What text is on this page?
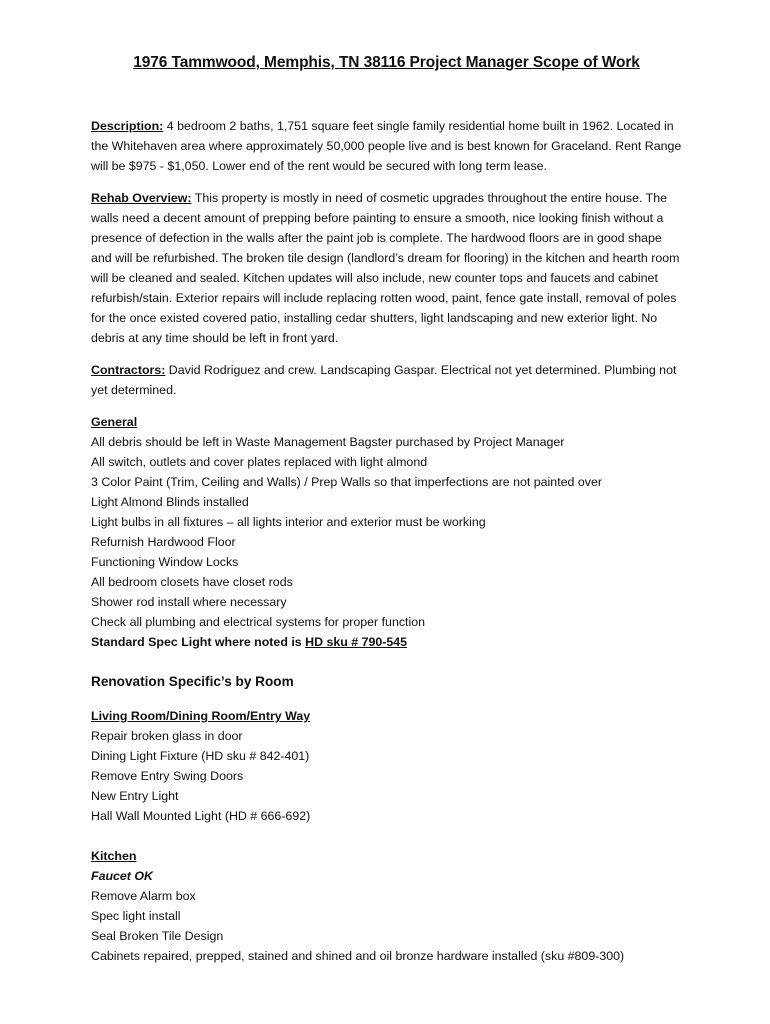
1976 Tammwood, Memphis, TN 38116 Project Manager Scope of Work

Description: 4 bedroom 2 baths, 1,751 square feet single family residential home built in 1962. Located in the Whitehaven area where approximately 50,000 people live and is best known for Graceland. Rent Range will be $975 - $1,050. Lower end of the rent would be secured with long term lease.

Rehab Overview: This property is mostly in need of cosmetic upgrades throughout the entire house. The walls need a decent amount of prepping before painting to ensure a smooth, nice looking finish without a presence of defection in the walls after the paint job is complete. The hardwood floors are in good shape and will be refurbished. The broken tile design (landlord’s dream for flooring) in the kitchen and hearth room will be cleaned and sealed. Kitchen updates will also include, new counter tops and faucets and cabinet refurbish/stain. Exterior repairs will include replacing rotten wood, paint, fence gate install, removal of poles for the once existed covered patio, installing cedar shutters, light landscaping and new exterior light. No debris at any time should be left in front yard.

Contractors: David Rodriguez and crew. Landscaping Gaspar. Electrical not yet determined. Plumbing not yet determined.

General

All debris should be left in Waste Management Bagster purchased by Project Manager
All switch, outlets and cover plates replaced with light almond
3 Color Paint (Trim, Ceiling and Walls) / Prep Walls so that imperfections are not painted over
Light Almond Blinds installed
Light bulbs in all fixtures – all lights interior and exterior must be working
Refurnish Hardwood Floor
Functioning Window Locks
All bedroom closets have closet rods
Shower rod install where necessary
Check all plumbing and electrical systems for proper function
Standard Spec Light where noted is HD sku # 790-545

Renovation Specific’s by Room

Living Room/Dining Room/Entry Way

Repair broken glass in door
Dining Light Fixture (HD sku # 842-401)
Remove Entry Swing Doors
New Entry Light
Hall Wall Mounted Light (HD # 666-692)

Kitchen

Faucet OK
Remove Alarm box
Spec light install
Seal Broken Tile Design
Cabinets repaired, prepped, stained and shined and oil bronze hardware installed (sku #809-300)
